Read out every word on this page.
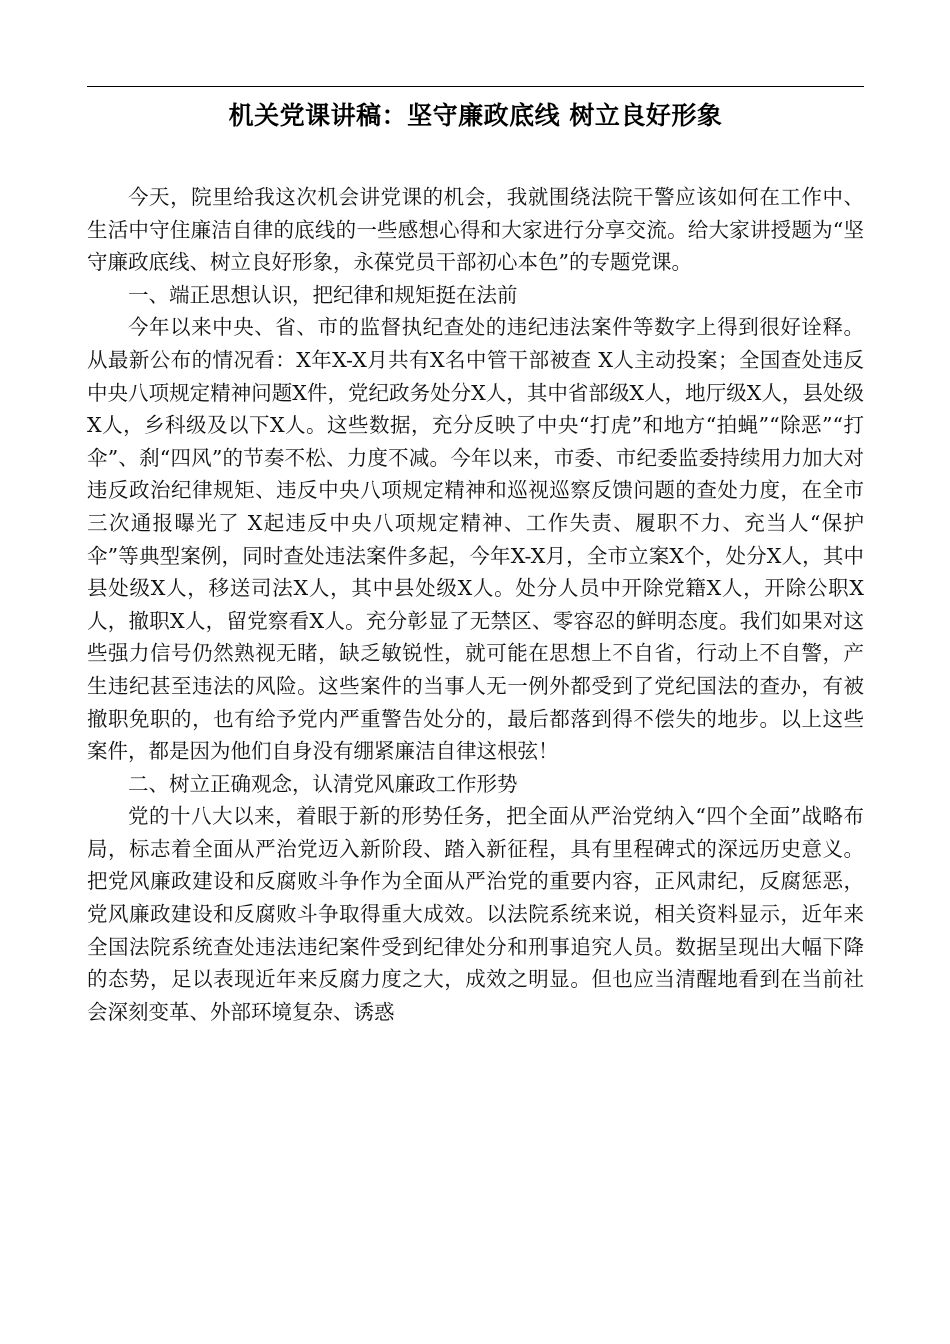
机关党课讲稿：坚守廉政底线 树立良好形象

今天，院里给我这次机会讲党课的机会，我就围绕法院干警应该如何在工作中、生活中守住廉洁自律的底线的一些感想心得和大家进行分享交流。给大家讲授题为“坚守廉政底线、树立良好形象，永葆党员干部初心本色”的专题党课。

一、端正思想认识，把纪律和规矩挺在法前

今年以来中央、省、市的监督执纪查处的违纪违法案件等数字上得到很好诠释。从最新公布的情况看：X年X-X月共有X名中管干部被查 X人主动投案；全国查处违反中央八项规定精神问题X件，党纪政务处分X人，其中省部级X人，地厅级X人，县处级X人，乡科级及以下X人。这些数据，充分反映了中央“打虎”和地方“拍蝇”“除恶”“打伞”、刹“四风”的节奏不松、力度不减。今年以来，市委、市纪委监委持续用力加大对违反政治纪律规矩、违反中央八项规定精神和巡视巡察反馈问题的查处力度，在全市三次通报曝光了 X起违反中央八项规定精神、工作失责、履职不力、充当人“保护伞”等典型案例，同时查处违法案件多起，今年X-X月，全市立案X个，处分X人，其中县处级X人，移送司法X人，其中县处级X人。处分人员中开除党籍X人，开除公职X人，撤职X人，留党察看X人。充分彰显了无禁区、零容忍的鲜明态度。我们如果对这些强力信号仍然熟视无睹，缺乏敏锐性，就可能在思想上不自省，行动上不自警，产生违纪甚至违法的风险。这些案件的当事人无一例外都受到了党纪国法的查办，有被撤职免职的，也有给予党内严重警告处分的，最后都落到得不偿失的地步。以上这些案件，都是因为他们自身没有绷紧廉洁自律这根弦！

二、树立正确观念，认清党风廉政工作形势

党的十八大以来，着眼于新的形势任务，把全面从严治党纳入“四个全面”战略布局，标志着全面从严治党迈入新阶段、踏入新征程，具有里程碑式的深远历史意义。把党风廉政建设和反腐败斗争作为全面从严治党的重要内容，正风肃纪，反腐惩恶，党风廉政建设和反腐败斗争取得重大成效。以法院系统来说，相关资料显示，近年来全国法院系统查处违法违纪案件受到纪律处分和刑事追究人员。数据呈现出大幅下降的态势，足以表现近年来反腐力度之大，成效之明显。但也应当清醒地看到在当前社会深刻变革、外部环境复杂、诱惑
